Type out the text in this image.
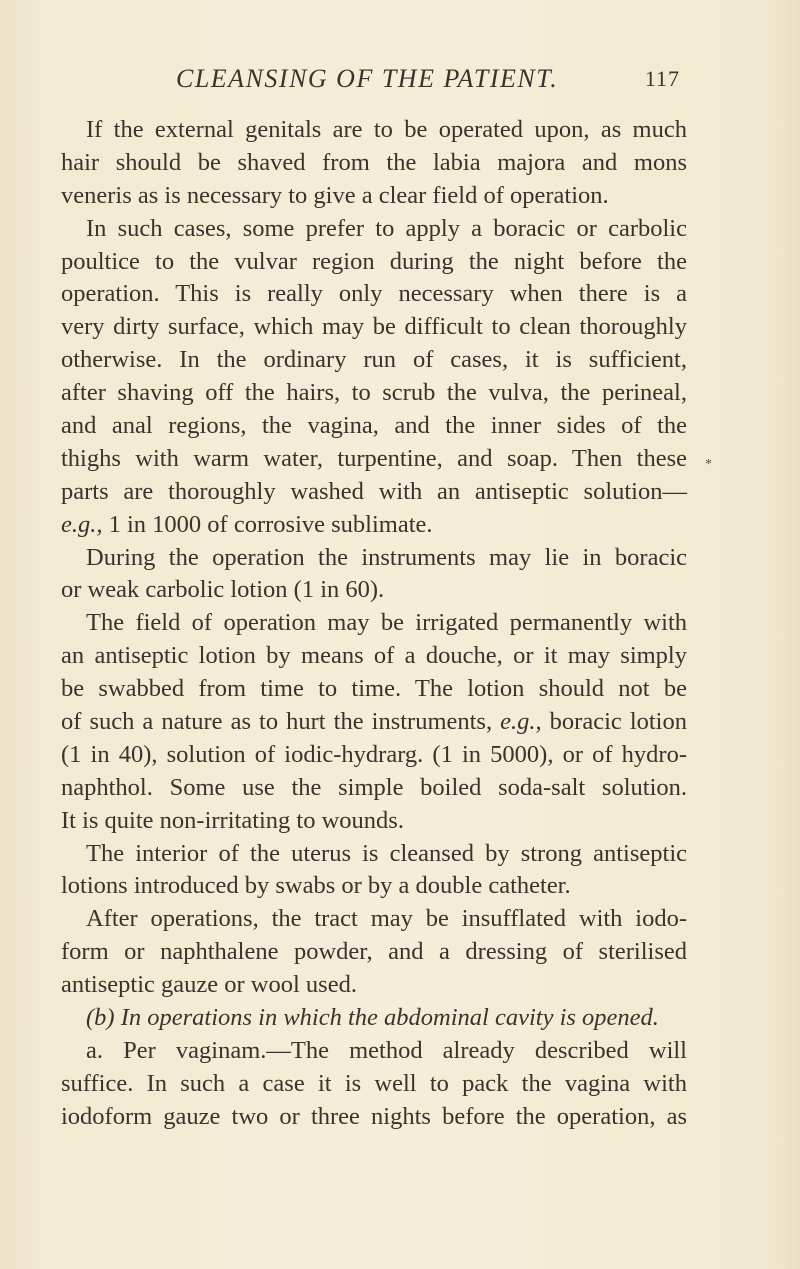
CLEANSING OF THE PATIENT.	117
*
If the external genitals are to be operated upon, as much
hair should be shaved from the labia majora and mons
veneris as is necessary to give a clear field of operation.
In such cases, some prefer to apply a boracic or carbolic
poultice to the vulvar region during the night before the
operation. This is really only necessary when there is a
very dirty surface, which may be difficult to clean thoroughly
otherwise. In the ordinary run of cases, it is sufficient,
after shaving off the hairs, to scrub the vulva, the perineal,
and anal regions, the vagina, and the inner sides of the
thighs with warm water, turpentine, and soap. Then these
parts are thoroughly washed with an antiseptic solution—
e.g., 1 in 1000 of corrosive sublimate.
During the operation the instruments may lie in boracic
or weak carbolic lotion (1 in 60).
The field of operation may be irrigated permanently with
an antiseptic lotion by means of a douche, or it may simply
be swabbed from time to time. The lotion should not be
of such a nature as to hurt the instruments, e.g., boracic lotion
(1 in 40), solution of iodic-hydrarg. (1 in 5000), or of hydro-
naphthol. Some use the simple boiled soda-salt solution.
It is quite non-irritating to wounds.
The interior of the uterus is cleansed by strong antiseptic
lotions introduced by swabs or by a double catheter.
After operations, the tract may be insufflated with iodo-
form or naphthalene powder, and a dressing of sterilised
antiseptic gauze or wool used.
(b) In operations in which the abdominal cavity is opened.
a. Per vaginam.—The method already described will
suffice. In such a case it is well to pack the vagina with
iodoform gauze two or three nights before the operation, as
